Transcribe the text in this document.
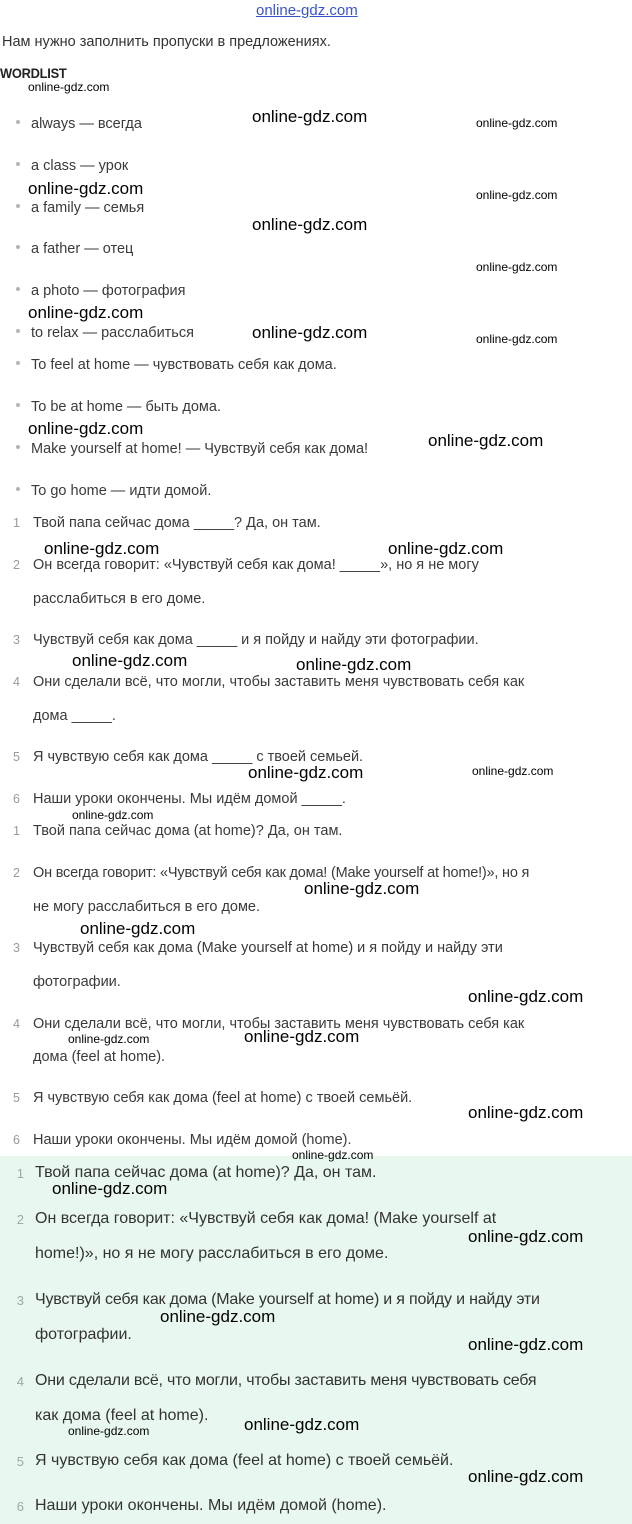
online-gdz.com
Нам нужно заполнить пропуски в предложениях.
WORDLIST
always — всегда
a class — урок
a family — семья
a father — отец
a photo — фотография
to relax — расслабиться
To feel at home — чувствовать себя как дома.
To be at home — быть дома.
Make yourself at home! — Чувствуй себя как дома!
To go home — идти домой.
1 Твой папа сейчас дома _____? Да, он там.
2 Он всегда говорит: «Чувствуй себя как дома! _____», но я не могу
расслабиться в его доме.
3 Чувствуй себя как дома _____ и я пойду и найду эти фотографии.
4 Они сделали всё, что могли, чтобы заставить меня чувствовать себя как
дома _____.
5 Я чувствую себя как дома _____ с твоей семьей.
6 Наши уроки окончены. Мы идём домой _____.
1 Твой папа сейчас дома (at home)? Да, он там.
2 Он всегда говорит: «Чувствуй себя как дома! (Make yourself at home!)», но я
не могу расслабиться в его доме.
3 Чувствуй себя как дома (Make yourself at home) и я пойду и найду эти
фотографии.
4 Они сделали всё, что могли, чтобы заставить меня чувствовать себя как
дома (feel at home).
5 Я чувствую себя как дома (feel at home) с твоей семьёй.
6 Наши уроки окончены. Мы идём домой (home).
1 Твой папа сейчас дома (at home)? Да, он там.
2 Он всегда говорит: «Чувствуй себя как дома! (Make yourself at
home!)», но я не могу расслабиться в его доме.
3 Чувствуй себя как дома (Make yourself at home) и я пойду и найду эти
фотографии.
4 Они сделали всё, что могли, чтобы заставить меня чувствовать себя
как дома (feel at home).
5 Я чувствую себя как дома (feel at home) с твоей семьёй.
6 Наши уроки окончены. Мы идём домой (home).
online-gdz.com
online-gdz.com	online-gdz.com
online-gdz.com	online-gdz.com
online-gdz.com
online-gdz.com
online-gdz.com
online-gdz.com	online-gdz.com
online-gdz.com
online-gdz.com
online-gdz.com	online-gdz.com
online-gdz.com	online-gdz.com
online-gdz.com	online-gdz.com
online-gdz.com
online-gdz.com
online-gdz.com
online-gdz.com
online-gdz.com	online-gdz.com
online-gdz.com
online-gdz.com
online-gdz.com
online-gdz.com
online-gdz.com
online-gdz.com
online-gdz.com	online-gdz.com
online-gdz.com
